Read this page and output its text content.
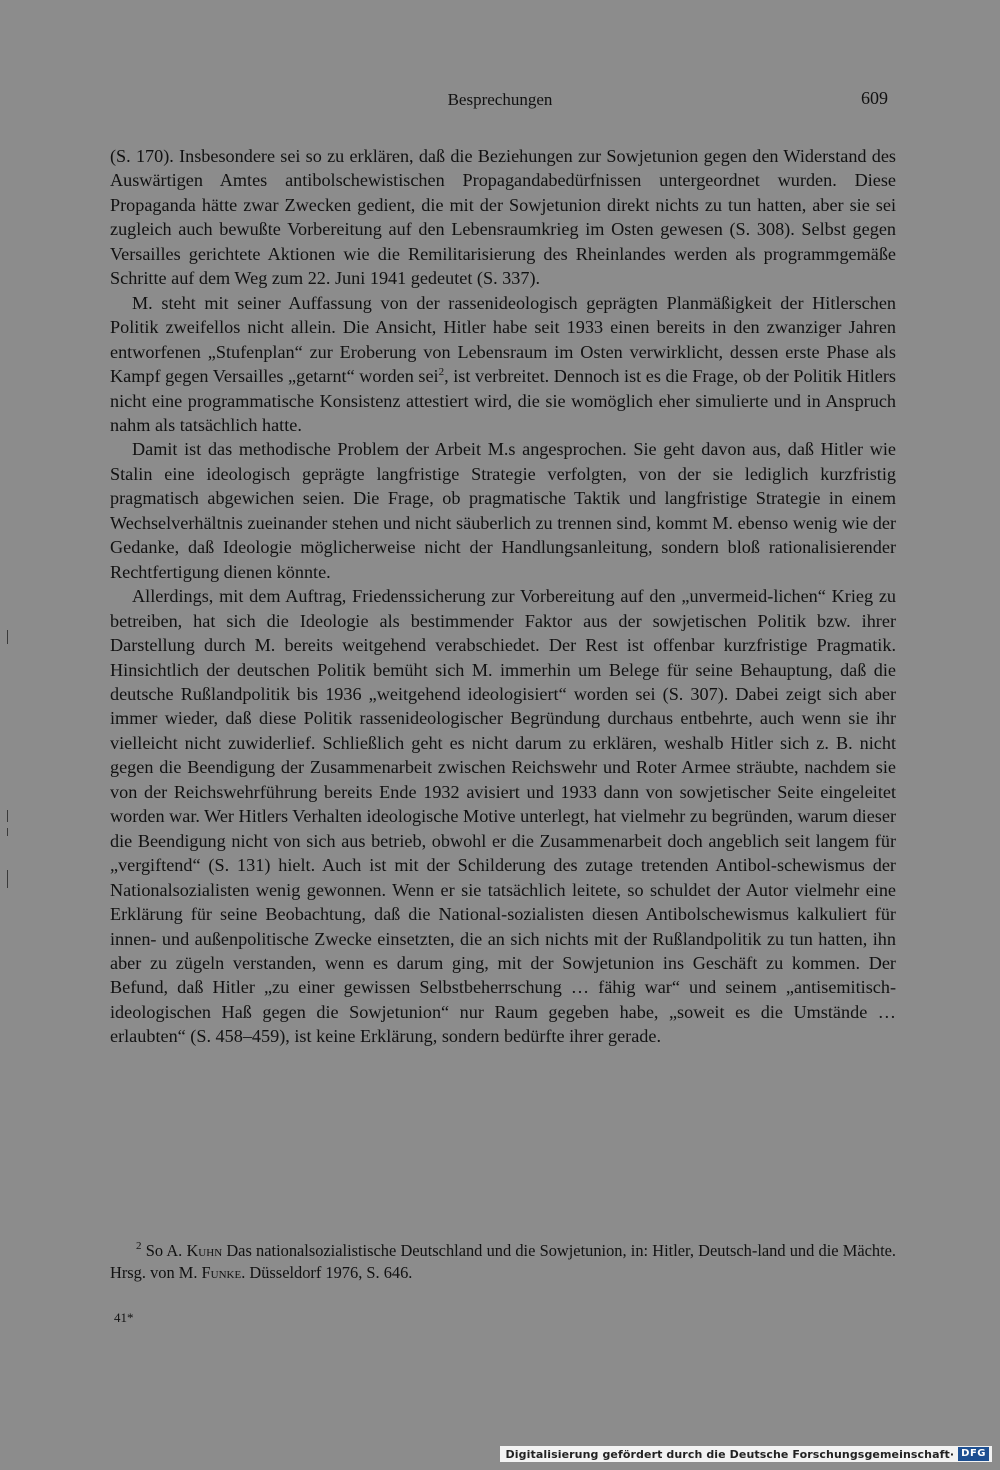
Besprechungen	609

(S. 170). Insbesondere sei so zu erklären, daß die Beziehungen zur Sowjetunion gegen den Widerstand des Auswärtigen Amtes antibolschewistischen Propagandabedürfnissen untergeordnet wurden. Diese Propaganda hätte zwar Zwecken gedient, die mit der Sowjetunion direkt nichts zu tun hatten, aber sie sei zugleich auch bewußte Vorbereitung auf den Lebensraumkrieg im Osten gewesen (S. 308). Selbst gegen Versailles gerichtete Aktionen wie die Remilitarisierung des Rheinlandes werden als programmgemäße Schritte auf dem Weg zum 22. Juni 1941 gedeutet (S. 337).

M. steht mit seiner Auffassung von der rassenideologisch geprägten Planmäßigkeit der Hitlerschen Politik zweifellos nicht allein. Die Ansicht, Hitler habe seit 1933 einen bereits in den zwanziger Jahren entworfenen „Stufenplan“ zur Eroberung von Lebensraum im Osten verwirklicht, dessen erste Phase als Kampf gegen Versailles „getarnt“ worden sei$^2$, ist verbreitet. Dennoch ist es die Frage, ob der Politik Hitlers nicht eine programmatische Konsistenz attestiert wird, die sie womöglich eher simulierte und in Anspruch nahm als tatsächlich hatte.

Damit ist das methodische Problem der Arbeit M.s angesprochen. Sie geht davon aus, daß Hitler wie Stalin eine ideologisch geprägte langfristige Strategie verfolgten, von der sie lediglich kurzfristig pragmatisch abgewichen seien. Die Frage, ob pragmatische Taktik und langfristige Strategie in einem Wechselverhältnis zueinander stehen und nicht säuberlich zu trennen sind, kommt M. ebenso wenig wie der Gedanke, daß Ideologie möglicherweise nicht der Handlungsanleitung, sondern bloß rationalisierender Rechtfertigung dienen könnte.

Allerdings, mit dem Auftrag, Friedenssicherung zur Vorbereitung auf den „unvermeid-lichen“ Krieg zu betreiben, hat sich die Ideologie als bestimmender Faktor aus der sowjetischen Politik bzw. ihrer Darstellung durch M. bereits weitgehend verabschiedet. Der Rest ist offenbar kurzfristige Pragmatik. Hinsichtlich der deutschen Politik bemüht sich M. immerhin um Belege für seine Behauptung, daß die deutsche Rußlandpolitik bis 1936 „weitgehend ideologisiert“ worden sei (S. 307). Dabei zeigt sich aber immer wieder, daß diese Politik rassenideologischer Begründung durchaus entbehrte, auch wenn sie ihr vielleicht nicht zuwiderlief. Schließlich geht es nicht darum zu erklären, weshalb Hitler sich z. B. nicht gegen die Beendigung der Zusammenarbeit zwischen Reichswehr und Roter Armee sträubte, nachdem sie von der Reichswehrführung bereits Ende 1932 avisiert und 1933 dann von sowjetischer Seite eingeleitet worden war. Wer Hitlers Verhalten ideologische Motive unterlegt, hat vielmehr zu begründen, warum dieser die Beendigung nicht von sich aus betrieb, obwohl er die Zusammenarbeit doch angeblich seit langem für „vergiftend“ (S. 131) hielt. Auch ist mit der Schilderung des zutage tretenden Antibol-schewismus der Nationalsozialisten wenig gewonnen. Wenn er sie tatsächlich leitete, so schuldet der Autor vielmehr eine Erklärung für seine Beobachtung, daß die National-sozialisten diesen Antibolschewismus kalkuliert für innen- und außenpolitische Zwecke einsetzten, die an sich nichts mit der Rußlandpolitik zu tun hatten, ihn aber zu zügeln verstanden, wenn es darum ging, mit der Sowjetunion ins Geschäft zu kommen. Der Befund, daß Hitler „zu einer gewissen Selbstbeherrschung … fähig war“ und seinem „antisemitisch-ideologischen Haß gegen die Sowjetunion“ nur Raum gegeben habe, „soweit es die Umstände … erlaubten“ (S. 458–459), ist keine Erklärung, sondern bedürfte ihrer gerade.

$^2$ So A. Kuhn Das nationalsozialistische Deutschland und die Sowjetunion, in: Hitler, Deutsch-land und die Mächte. Hrsg. von M. Funke. Düsseldorf 1976, S. 646.

41*
Digitalisierung gefördert durch die Deutsche Forschungsgemeinschaft · DFG
